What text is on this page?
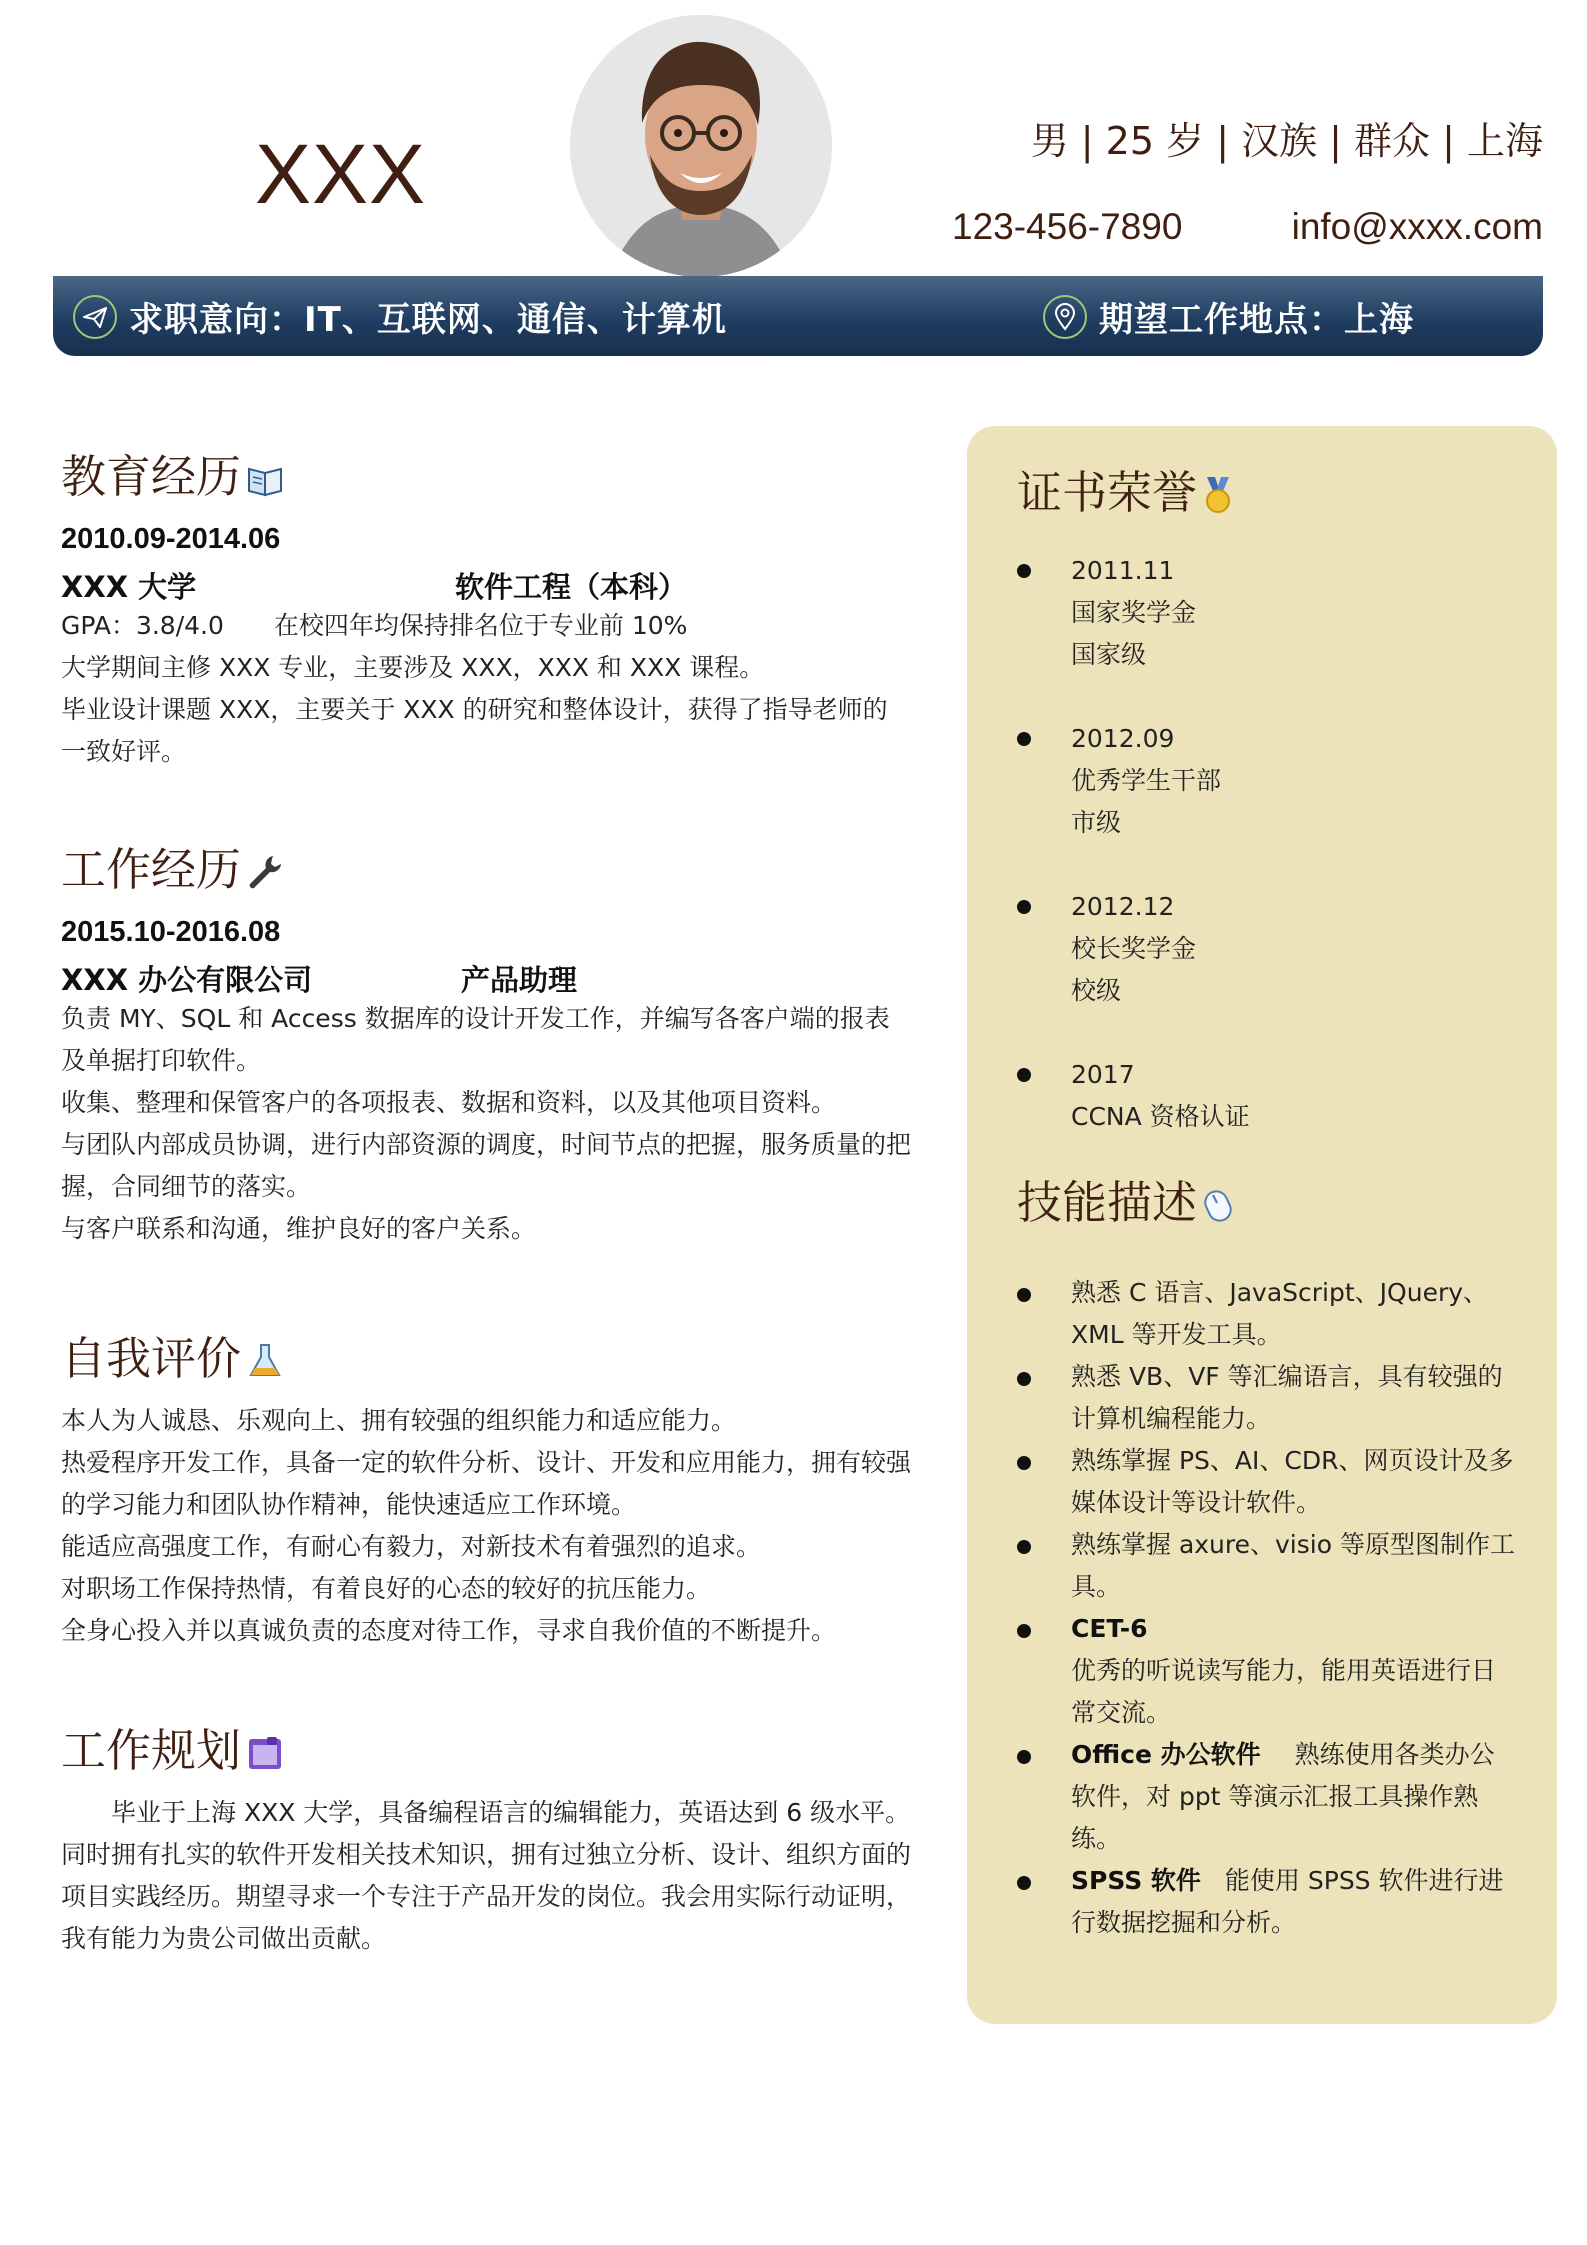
XXX	男 | 25 岁 | 汉族 | 群众 | 上海
123-456-7890	info@xxxx.com
求职意向：IT、互联网、通信、计算机	期望工作地点：上海
教育经历
2010.09-2014.06
XXX 大学	软件工程（本科）

GPA：3.8/4.0　　在校四年均保持排名位于专业前 10%

大学期间主修 XXX 专业，主要涉及 XXX，XXX 和 XXX 课程。

毕业设计课题 XXX，主要关于 XXX 的研究和整体设计，获得了指导老师的一致好评。

工作经历
2015.10-2016.08
XXX 办公有限公司	产品助理

负责 MY、SQL 和 Access 数据库的设计开发工作，并编写各客户端的报表及单据打印软件。

收集、整理和保管客户的各项报表、数据和资料，以及其他项目资料。

与团队内部成员协调，进行内部资源的调度，时间节点的把握，服务质量的把握，合同细节的落实。

与客户联系和沟通，维护良好的客户关系。

自我评价

本人为人诚恳、乐观向上、拥有较强的组织能力和适应能力。

热爱程序开发工作，具备一定的软件分析、设计、开发和应用能力，拥有较强的学习能力和团队协作精神，能快速适应工作环境。

能适应高强度工作，有耐心有毅力，对新技术有着强烈的追求。

对职场工作保持热情，有着良好的心态的较好的抗压能力。

全身心投入并以真诚负责的态度对待工作，寻求自我价值的不断提升。

工作规划

毕业于上海 XXX 大学，具备编程语言的编辑能力，英语达到 6 级水平。同时拥有扎实的软件开发相关技术知识，拥有过独立分析、设计、组织方面的项目实践经历。期望寻求一个专注于产品开发的岗位。我会用实际行动证明，我有能力为贵公司做出贡献。

证书荣誉
2011.11
国家奖学金
国家级
2012.09
优秀学生干部
市级
2012.12
校长奖学金
校级
2017
CCNA 资格认证
技能描述
熟悉 C 语言、JavaScript、JQuery、XML 等开发工具。
熟悉 VB、VF 等汇编语言，具有较强的计算机编程能力。
熟练掌握 PS、AI、CDR、网页设计及多媒体设计等设计软件。
熟练掌握 axure、visio 等原型图制作工具。
CET-6
优秀的听说读写能力，能用英语进行日常交流。
Office 办公软件 熟练使用各类办公软件，对 ppt 等演示汇报工具操作熟练。
SPSS 软件 能使用 SPSS 软件进行进行数据挖掘和分析。
